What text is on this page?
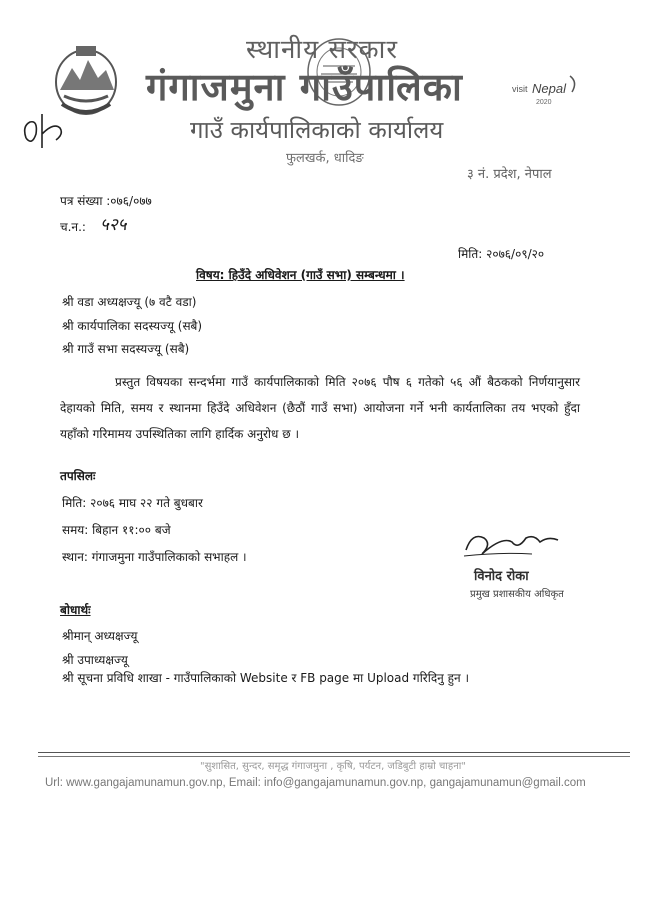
visit Nepal
2020
स्थानीय सरकार
गंगाजमुना गाउँपालिका
गाउँ कार्यपालिकाको कार्यालय
फुलखर्क, धादिङ
३ नं. प्रदेश, नेपाल
पत्र संख्या :०७६/०७७
च.न.: ५२५
मिति: २०७६/०९/२०
विषय: हिउँदे अधिवेशन (गाउँ सभा) सम्बन्धमा ।
श्री वडा अध्यक्षज्यू (७ वटै वडा)
श्री कार्यपालिका सदस्यज्यू (सबै)
श्री गाउँ सभा सदस्यज्यू (सबै)
प्रस्तुत विषयका सन्दर्भमा गाउँ कार्यपालिकाको मिति २०७६ पौष ६ गतेको ५६ औं बैठकको निर्णयानुसार देहायको मिति, समय र स्थानमा हिउँदे अधिवेशन (छैठौं गाउँ सभा) आयोजना गर्ने भनी कार्यतालिका तय भएको हुँदा यहाँको गरिमामय उपस्थितिका लागि हार्दिक अनुरोध छ ।
तपसिलः
मिति: २०७६ माघ २२ गते बुधबार
समय: बिहान ११:०० बजे
स्थान: गंगाजमुना गाउँपालिकाको सभाहल ।
विनोद रोका
प्रमुख प्रशासकीय अधिकृत
बोधार्थः
श्रीमान् अध्यक्षज्यू
श्री उपाध्यक्षज्यू
श्री सूचना प्रविधि शाखा - गाउँपालिकाको Website र FB page मा Upload गरिदिनु हुन ।
"सुशासित, सुन्दर, समृद्ध गंगाजमुना , कृषि, पर्यटन, जडिबुटी हाम्रो चाहना"
Url: www.gangajamunamun.gov.np, Email: info@gangajamunamun.gov.np, gangajamunamun@gmail.com
